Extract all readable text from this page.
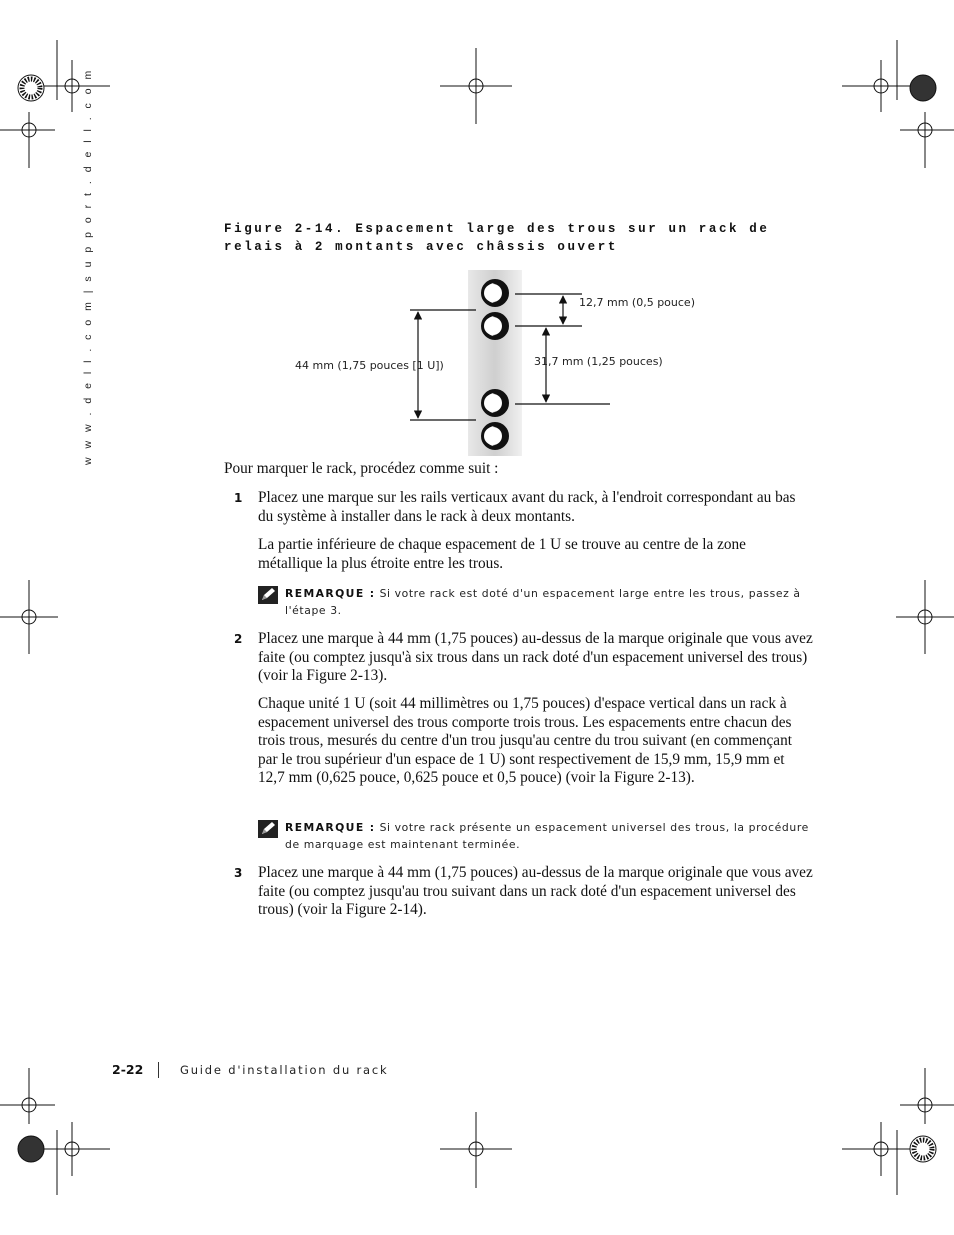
w w w . d e l l . c o m | s u p p o r t . d e l l . c o m	Figure 2-14. Espacement large des trous sur un rack de relais à 2 montants avec châssis ouvert
12,7 mm (0,5 pouce)
31,7 mm (1,25 pouces)
44 mm (1,75 pouces [1 U])
Pour marquer le rack, procédez comme suit :
1 Placez une marque sur les rails verticaux avant du rack, à l'endroit correspondant au bas du système à installer dans le rack à deux montants.
La partie inférieure de chaque espacement de 1 U se trouve au centre de la zone métallique la plus étroite entre les trous.
REMARQUE : Si votre rack est doté d'un espacement large entre les trous, passez à l'étape 3.
2 Placez une marque à 44 mm (1,75 pouces) au-dessus de la marque originale que vous avez faite (ou comptez jusqu'à six trous dans un rack doté d'un espacement universel des trous) (voir la Figure 2-13).
Chaque unité 1 U (soit 44 millimètres ou 1,75 pouces) d'espace vertical dans un rack à espacement universel des trous comporte trois trous. Les espacements entre chacun des trois trous, mesurés du centre d'un trou jusqu'au centre du trou suivant (en commençant par le trou supérieur d'un espace de 1 U) sont respectivement de 15,9 mm, 15,9 mm et 12,7 mm (0,625 pouce, 0,625 pouce et 0,5 pouce) (voir la Figure 2-13).
REMARQUE : Si votre rack présente un espacement universel des trous, la procédure de marquage est maintenant terminée.
3 Placez une marque à 44 mm (1,75 pouces) au-dessus de la marque originale que vous avez faite (ou comptez jusqu'au trou suivant dans un rack doté d'un espacement universel des trous) (voir la Figure 2-14).
2-22	Guide d'installation du rack
